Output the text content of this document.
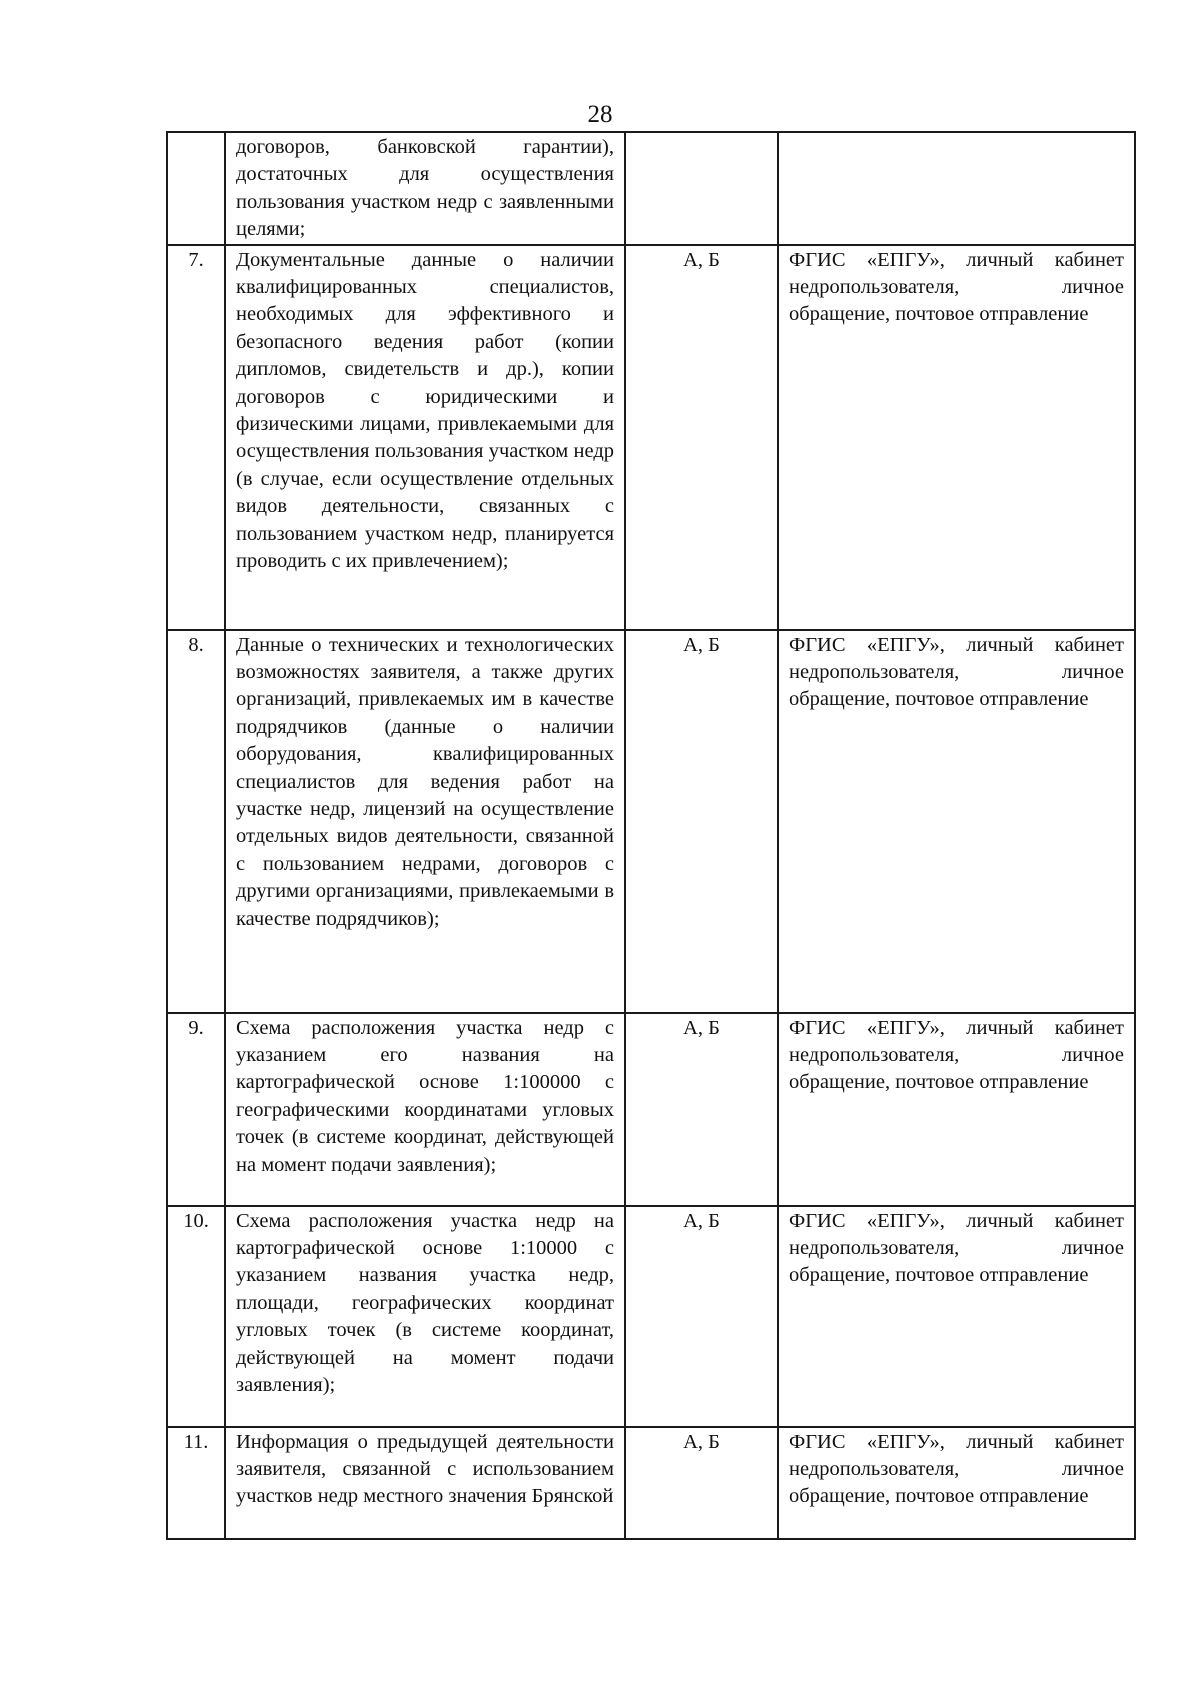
28
	договоров, банковской гарантии), достаточных для осуществления пользования участком недр с заявленными целями;		
7.	Документальные данные о наличии квалифицированных специалистов, необходимых для эффективного и безопасного ведения работ (копии дипломов, свидетельств и др.), копии договоров с юридическими и физическими лицами, привлекаемыми для осуществления пользования участком недр (в случае, если осуществление отдельных видов деятельности, связанных с пользованием участком недр, планируется проводить с их привлечением);	А, Б	ФГИС «ЕПГУ», личный кабинет недропользователя, личное обращение, почтовое отправление
8.	Данные о технических и технологических возможностях заявителя, а также других организаций, привлекаемых им в качестве подрядчиков (данные о наличии оборудования, квалифицированных специалистов для ведения работ на участке недр, лицензий на осуществление отдельных видов деятельности, связанной с пользованием недрами, договоров с другими организациями, привлекаемыми в качестве подрядчиков);	А, Б	ФГИС «ЕПГУ», личный кабинет недропользователя, личное обращение, почтовое отправление
9.	Схема расположения участка недр с указанием его названия на картографической основе 1:100000 с географическими координатами угловых точек (в системе координат, действующей на момент подачи заявления);	А, Б	ФГИС «ЕПГУ», личный кабинет недропользователя, личное обращение, почтовое отправление
10.	Схема расположения участка недр на картографической основе 1:10000 с указанием названия участка недр, площади, географических координат угловых точек (в системе координат, действующей на момент подачи заявления);	А, Б	ФГИС «ЕПГУ», личный кабинет недропользователя, личное обращение, почтовое отправление
11.	Информация о предыдущей деятельности заявителя, связанной с использованием участков недр местного значения Брянской	А, Б	ФГИС «ЕПГУ», личный кабинет недропользователя, личное обращение, почтовое отправление
